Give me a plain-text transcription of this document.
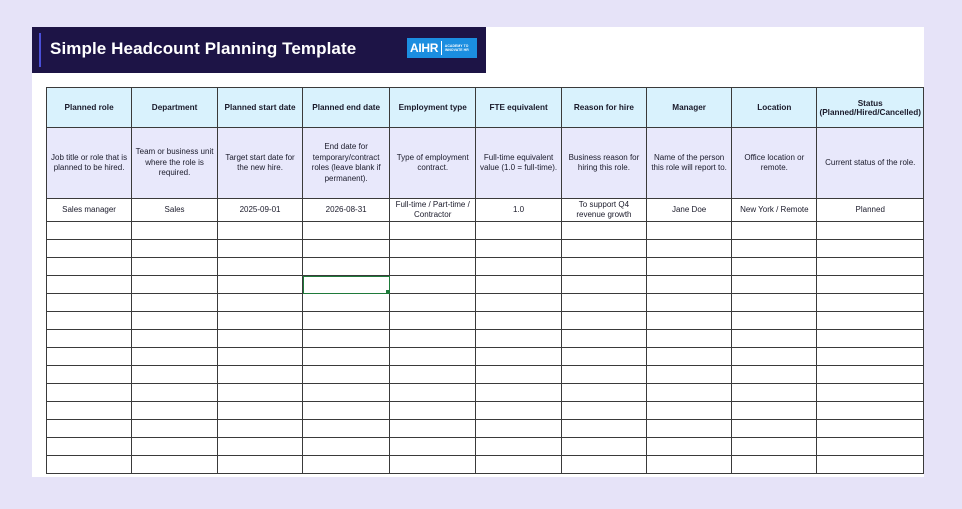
Simple Headcount Planning Template	AIHR ACADEMY TO INNOVATE HR
Planned role	Department	Planned start date	Planned end date	Employment type	FTE equivalent	Reason for hire	Manager	Location	Status (Planned/Hired/Cancelled)
Job title or role that is planned to be hired.	Team or business unit where the role is required.	Target start date for the new hire.	End date for temporary/contract roles (leave blank if permanent).	Type of employment contract.	Full-time equivalent value (1.0 = full-time).	Business reason for hiring this role.	Name of the person this role will report to.	Office location or remote.	Current status of the role.
Sales manager	Sales	2025-09-01	2026-08-31	Full-time / Part-time / Contractor	1.0	To support Q4 revenue growth	Jane Doe	New York / Remote	Planned
